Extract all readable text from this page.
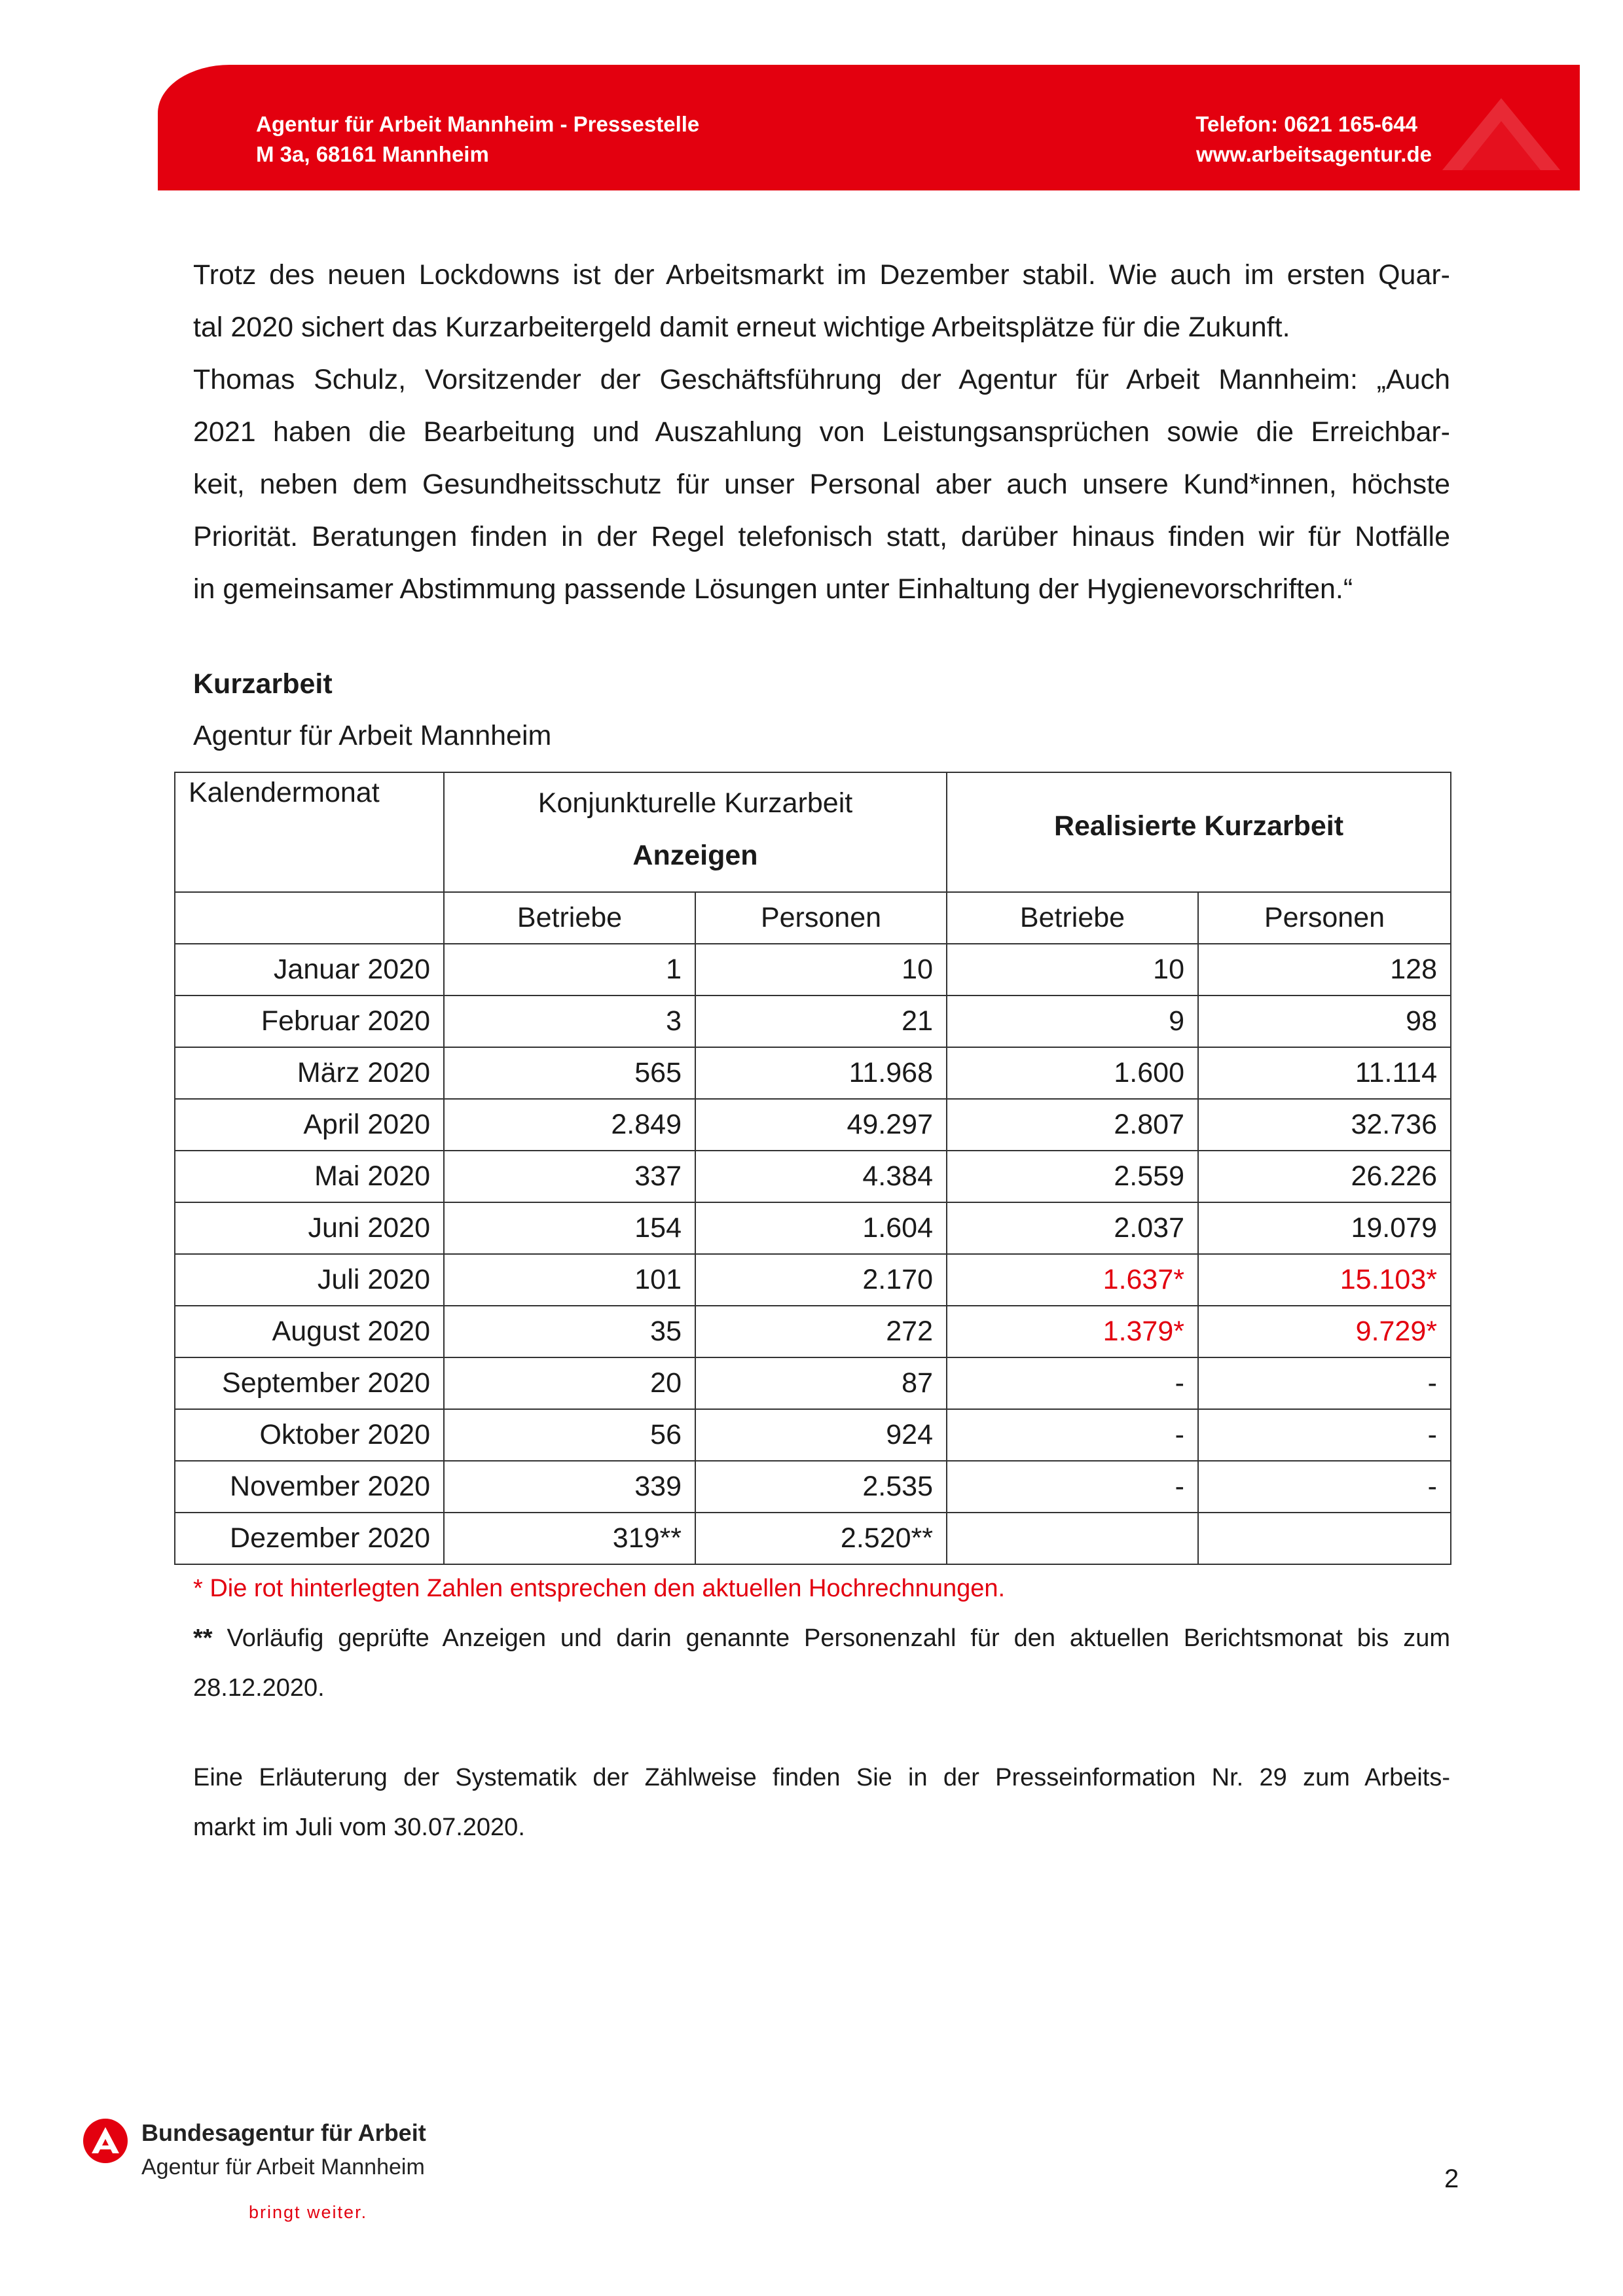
Agentur für Arbeit Mannheim - Pressestelle
M 3a, 68161 Mannheim
Telefon: 0621 165-644
www.arbeitsagentur.de
Trotz des neuen Lockdowns ist der Arbeitsmarkt im Dezember stabil. Wie auch im ersten Quar-
tal 2020 sichert das Kurzarbeitergeld damit erneut wichtige Arbeitsplätze für die Zukunft.
Thomas Schulz, Vorsitzender der Geschäftsführung der Agentur für Arbeit Mannheim: „Auch
2021 haben die Bearbeitung und Auszahlung von Leistungsansprüchen sowie die Erreichbar-
keit, neben dem Gesundheitsschutz für unser Personal aber auch unsere Kund*innen, höchste
Priorität. Beratungen finden in der Regel telefonisch statt, darüber hinaus finden wir für Notfälle
in gemeinsamer Abstimmung passende Lösungen unter Einhaltung der Hygienevorschriften.“
Kurzarbeit
Agentur für Arbeit Mannheim
Kalendermonat	Konjunkturelle Kurzarbeit
Anzeigen		Realisierte Kurzarbeit	
	Betriebe	Personen	Betriebe	Personen
Januar 2020	1	10	10	128
Februar 2020	3	21	9	98
März 2020	565	11.968	1.600	11.114
April 2020	2.849	49.297	2.807	32.736
Mai 2020	337	4.384	2.559	26.226
Juni 2020	154	1.604	2.037	19.079
Juli 2020	101	2.170	1.637*	15.103*
August 2020	35	272	1.379*	9.729*
September 2020	20	87	-	-
Oktober 2020	56	924	-	-
November 2020	339	2.535	-	-
Dezember 2020	319**	2.520**		
* Die rot hinterlegten Zahlen entsprechen den aktuellen Hochrechnungen.
** Vorläufig geprüfte Anzeigen und darin genannte Personenzahl für den aktuellen Berichtsmonat bis zum
28.12.2020.
Eine Erläuterung der Systematik der Zählweise finden Sie in der Presseinformation Nr. 29 zum Arbeits-
markt im Juli vom 30.07.2020.
Bundesagentur für Arbeit
Agentur für Arbeit Mannheim
bringt weiter.
2
